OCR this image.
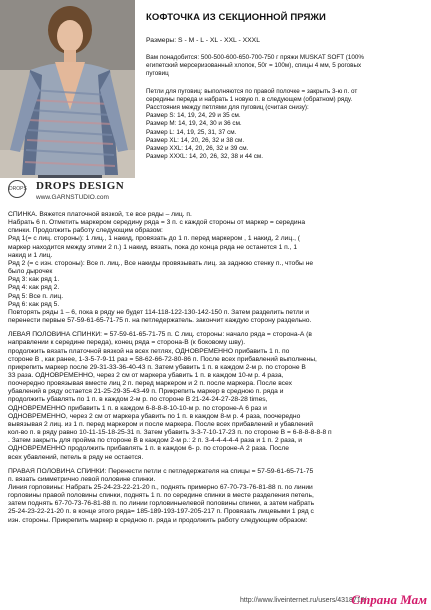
DROPS DROPS DESIGN
www.GARNSTUDIO.com
КОФТОЧКА ИЗ СЕКЦИОННОЙ ПРЯЖИ
Размеры: S - M - L - XL - XXL - XXXL
Вам понадобится: 500-500-600-650-700-750 г пряжи MUSKAT SOFT (100%
египетский мерсеризованный хлопок, 50г = 100м), спицы 4 мм, 5 роговых
пуговиц
Петли для пуговиц: выполняются по правой полочке = закрыть 3-ю п. от
середины переда и набрать 1 новую п. в следующем (обратном) ряду.
Расстояния между петлями для пуговиц (считая снизу):
Размер S: 14, 19, 24, 29 и 35 см.
Размер M: 14, 19, 24, 30 и 36 см.
Размер L: 14, 19, 25, 31, 37 см.
Размер XL: 14, 20, 26, 32 и 38 см.
Размер XXL: 14, 20, 26, 32 и 39 см.
Размер XXXL: 14, 20, 26, 32, 38 и 44 см.

СПИНКА. Вяжется платочной вязкой, т.е все ряды – лиц. п.

Набрать 6 п. Отметить маркером середину ряда = 3 п. с каждой стороны от маркер = середина

спинки. Продолжить работу следующим образом:

Ряд 1(= с лиц. стороны): 1 лиц., 1 накид, провязать до 1 п. перед маркером , 1 накид, 2 лиц., (

маркер находится между этими 2 п.) 1 накид, вязать, пока до конца ряда не останется 1 п., 1

накид и 1 лиц.

Ряд 2 (= с изн. стороны): Все п. лиц., Все накиды провязывать лиц. за заднюю стенку п., чтобы не

было дырочек

Ряд 3: как ряд 1.

Ряд 4: как ряд 2.

Ряд 5: Все п. лиц.

Ряд 6: как ряд 5.

Повторять ряды 1 – 6, пока в ряду не будет 114-118-122-130-142-150 п. Затем разделить петли и

перенести первые 57-59-61-65-71-75 п. на петледержатель. закончит каждую сторону раздельно.

ЛЕВАЯ ПОЛОВИНА СПИНКИ: = 57-59-61-65-71-75 п. С лиц. стороны: начало ряда = сторона-А (в

направлении к середине переда), конец ряда = сторона-В (к боковому шву).

продолжить вязать платочной вязкой на всех петлях, ОДНОВРЕМЕННО прибавить 1 п. по

стороне В , как ранее, 1-3-5-7-9-11 раз = 58-62-66-72-80-86 п. После всех прибавлений выполнены,

прикрепить маркер после 29-31-33-36-40-43 п. Затем убавить 1 п. в каждом 2-м р. по стороне В

33 раза. ОДНОВРЕМЕННО, через 2 см от маркера убавить 1 п. в каждом 10-м р. 4 раза,

поочередно провязывая вместе лиц 2 п. перед маркером и 2 п. после маркера. После всех

убавлений в ряду остается 21-25-29-35-43-49 п. Прикрепить маркер в средною п. ряда и

продолжить убавлять по 1 п. в каждом 2-м р. по стороне В 21-24-24-27-28-28 times,

ОДНОВРЕМЕННО прибавить 1 п. в каждом 6-8-8-8-10-10-м р. по стороне-А 6 раз и

ОДНОВРЕМЕННО, через 2 см от маркера убавить по 1 п. в каждом 8-м р. 4 раза, поочередно

вывязывая 2 лиц. из 1 п. перед маркером и после маркера. После всех прибавлений и убавлений

кол-во п. в ряду равно 10-11-15-18-25-31 п. Затем убавить 3-3-7-10-17-23 п. по стороне В = 6-8-8-8-8-8 п

. Затем закрыть для пройма по стороне В в каждом 2-м р.: 2 п. 3-4-4-4-4-4 раза и 1 п. 2 раза, и

ОДНОВРЕМЕННО продолжить прибавлять 1 п. в каждом 6- р. по стороне-А 2 раза. После

всех убавлений, петель в ряду не остается.

ПРАВАЯ ПОЛОВИНА СПИНКИ: Перенести петли с петледержателя на спицы = 57-59-61-65-71-75

п. вязать симметрично левой половине спинки.

Линия горловины: Набрать 25-24-23-22-21-20 п., поднять примерно 67-70-73-76-81-88 п. по линии

горловины правой половины спинки, поднять 1 п. по середине спинки в месте разделения петель,

затем поднять 67-70-73-76-81-88 п. по линии горловиныелевой половины спинки, а затем набрать

25-24-23-22-21-20 п. в конце этого ряда= 185-189-193-197-205-217 п. Провязать лицевыми 1 ряд с

изн. стороны. Прикрепить маркер в средною п. ряда и продолжить работу следующим образом:

http://www.liveinternet.ru/users/4318710/
Страна Мам
